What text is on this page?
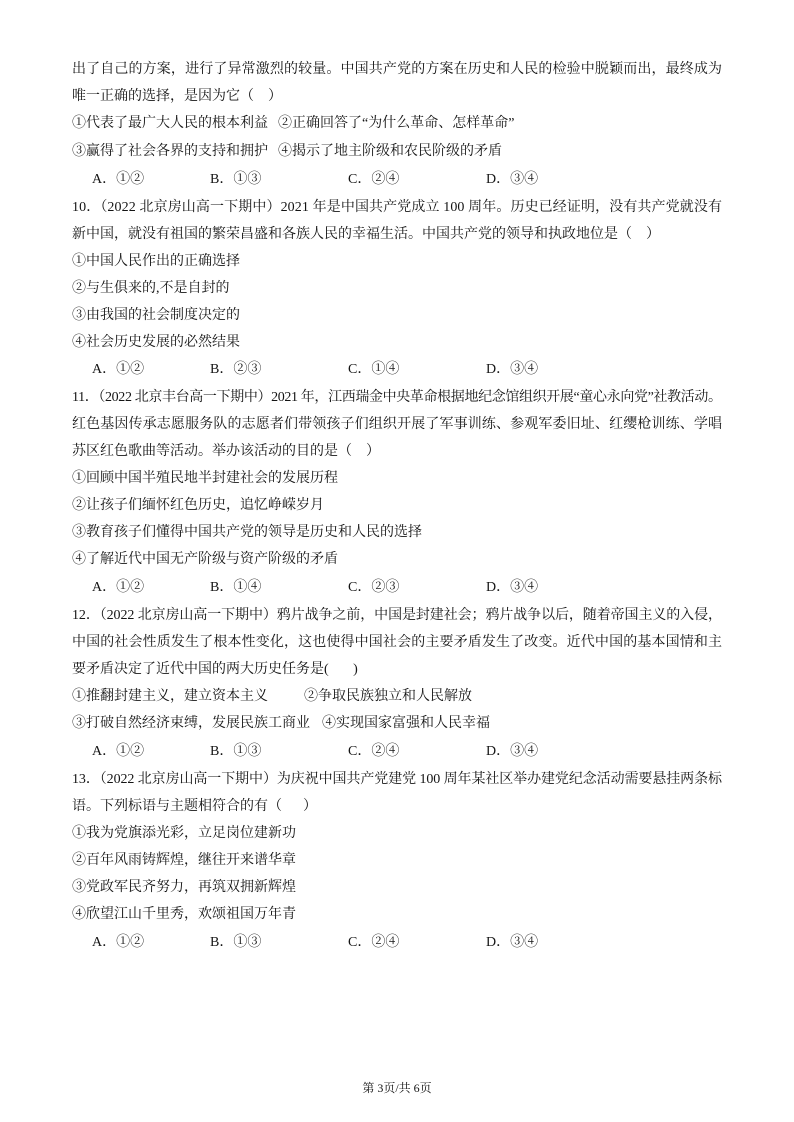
出了自己的方案，进行了异常激烈的较量。中国共产党的方案在历史和人民的检验中脱颖而出，最终成为
唯一正确的选择，是因为它（    ）
①代表了最广大人民的根本利益 ②正确回答了“为什么革命、怎样革命”
③赢得了社会各界的支持和拥护 ④揭示了地主阶级和农民阶级的矛盾
A．①②	B．①③	C．②④	D．③④
10．（2022 北京房山高一下期中）2021 年是中国共产党成立 100 周年。历史已经证明，没有共产党就没有
新中国，就没有祖国的繁荣昌盛和各族人民的幸福生活。中国共产党的领导和执政地位是（    ）
①中国人民作出的正确选择
②与生俱来的,不是自封的
③由我国的社会制度决定的
④社会历史发展的必然结果
A．①②	B．②③	C．①④	D．③④
11．（2022 北京丰台高一下期中）2021 年，江西瑞金中央革命根据地纪念馆组织开展“童心永向党”社教活动。
红色基因传承志愿服务队的志愿者们带领孩子们组织开展了军事训练、参观军委旧址、红缨枪训练、学唱
苏区红色歌曲等活动。举办该活动的目的是（    ）
①回顾中国半殖民地半封建社会的发展历程
②让孩子们缅怀红色历史，追忆峥嵘岁月
③教育孩子们懂得中国共产党的领导是历史和人民的选择
④了解近代中国无产阶级与资产阶级的矛盾
A．①②	B．①④	C．②③	D．③④
12．（2022 北京房山高一下期中）鸦片战争之前，中国是封建社会；鸦片战争以后，随着帝国主义的入侵，
中国的社会性质发生了根本性变化，这也使得中国社会的主要矛盾发生了改变。近代中国的基本国情和主
要矛盾决定了近代中国的两大历史任务是(       )
①推翻封建主义，建立资本主义	②争取民族独立和人民解放
③打破自然经济束缚，发展民族工商业 ④实现国家富强和人民幸福
A．①②	B．①③	C．②④	D．③④
13．（2022 北京房山高一下期中）为庆祝中国共产党建党 100 周年某社区举办建党纪念活动需要悬挂两条标
语。下列标语与主题相符合的有（      ）
①我为党旗添光彩，立足岗位建新功
②百年风雨铸辉煌，继往开来谱华章
③党政军民齐努力，再筑双拥新辉煌
④欣望江山千里秀，欢颂祖国万年青
A．①②	B．①③	C．②④	D．③④
第 3页/共 6页
